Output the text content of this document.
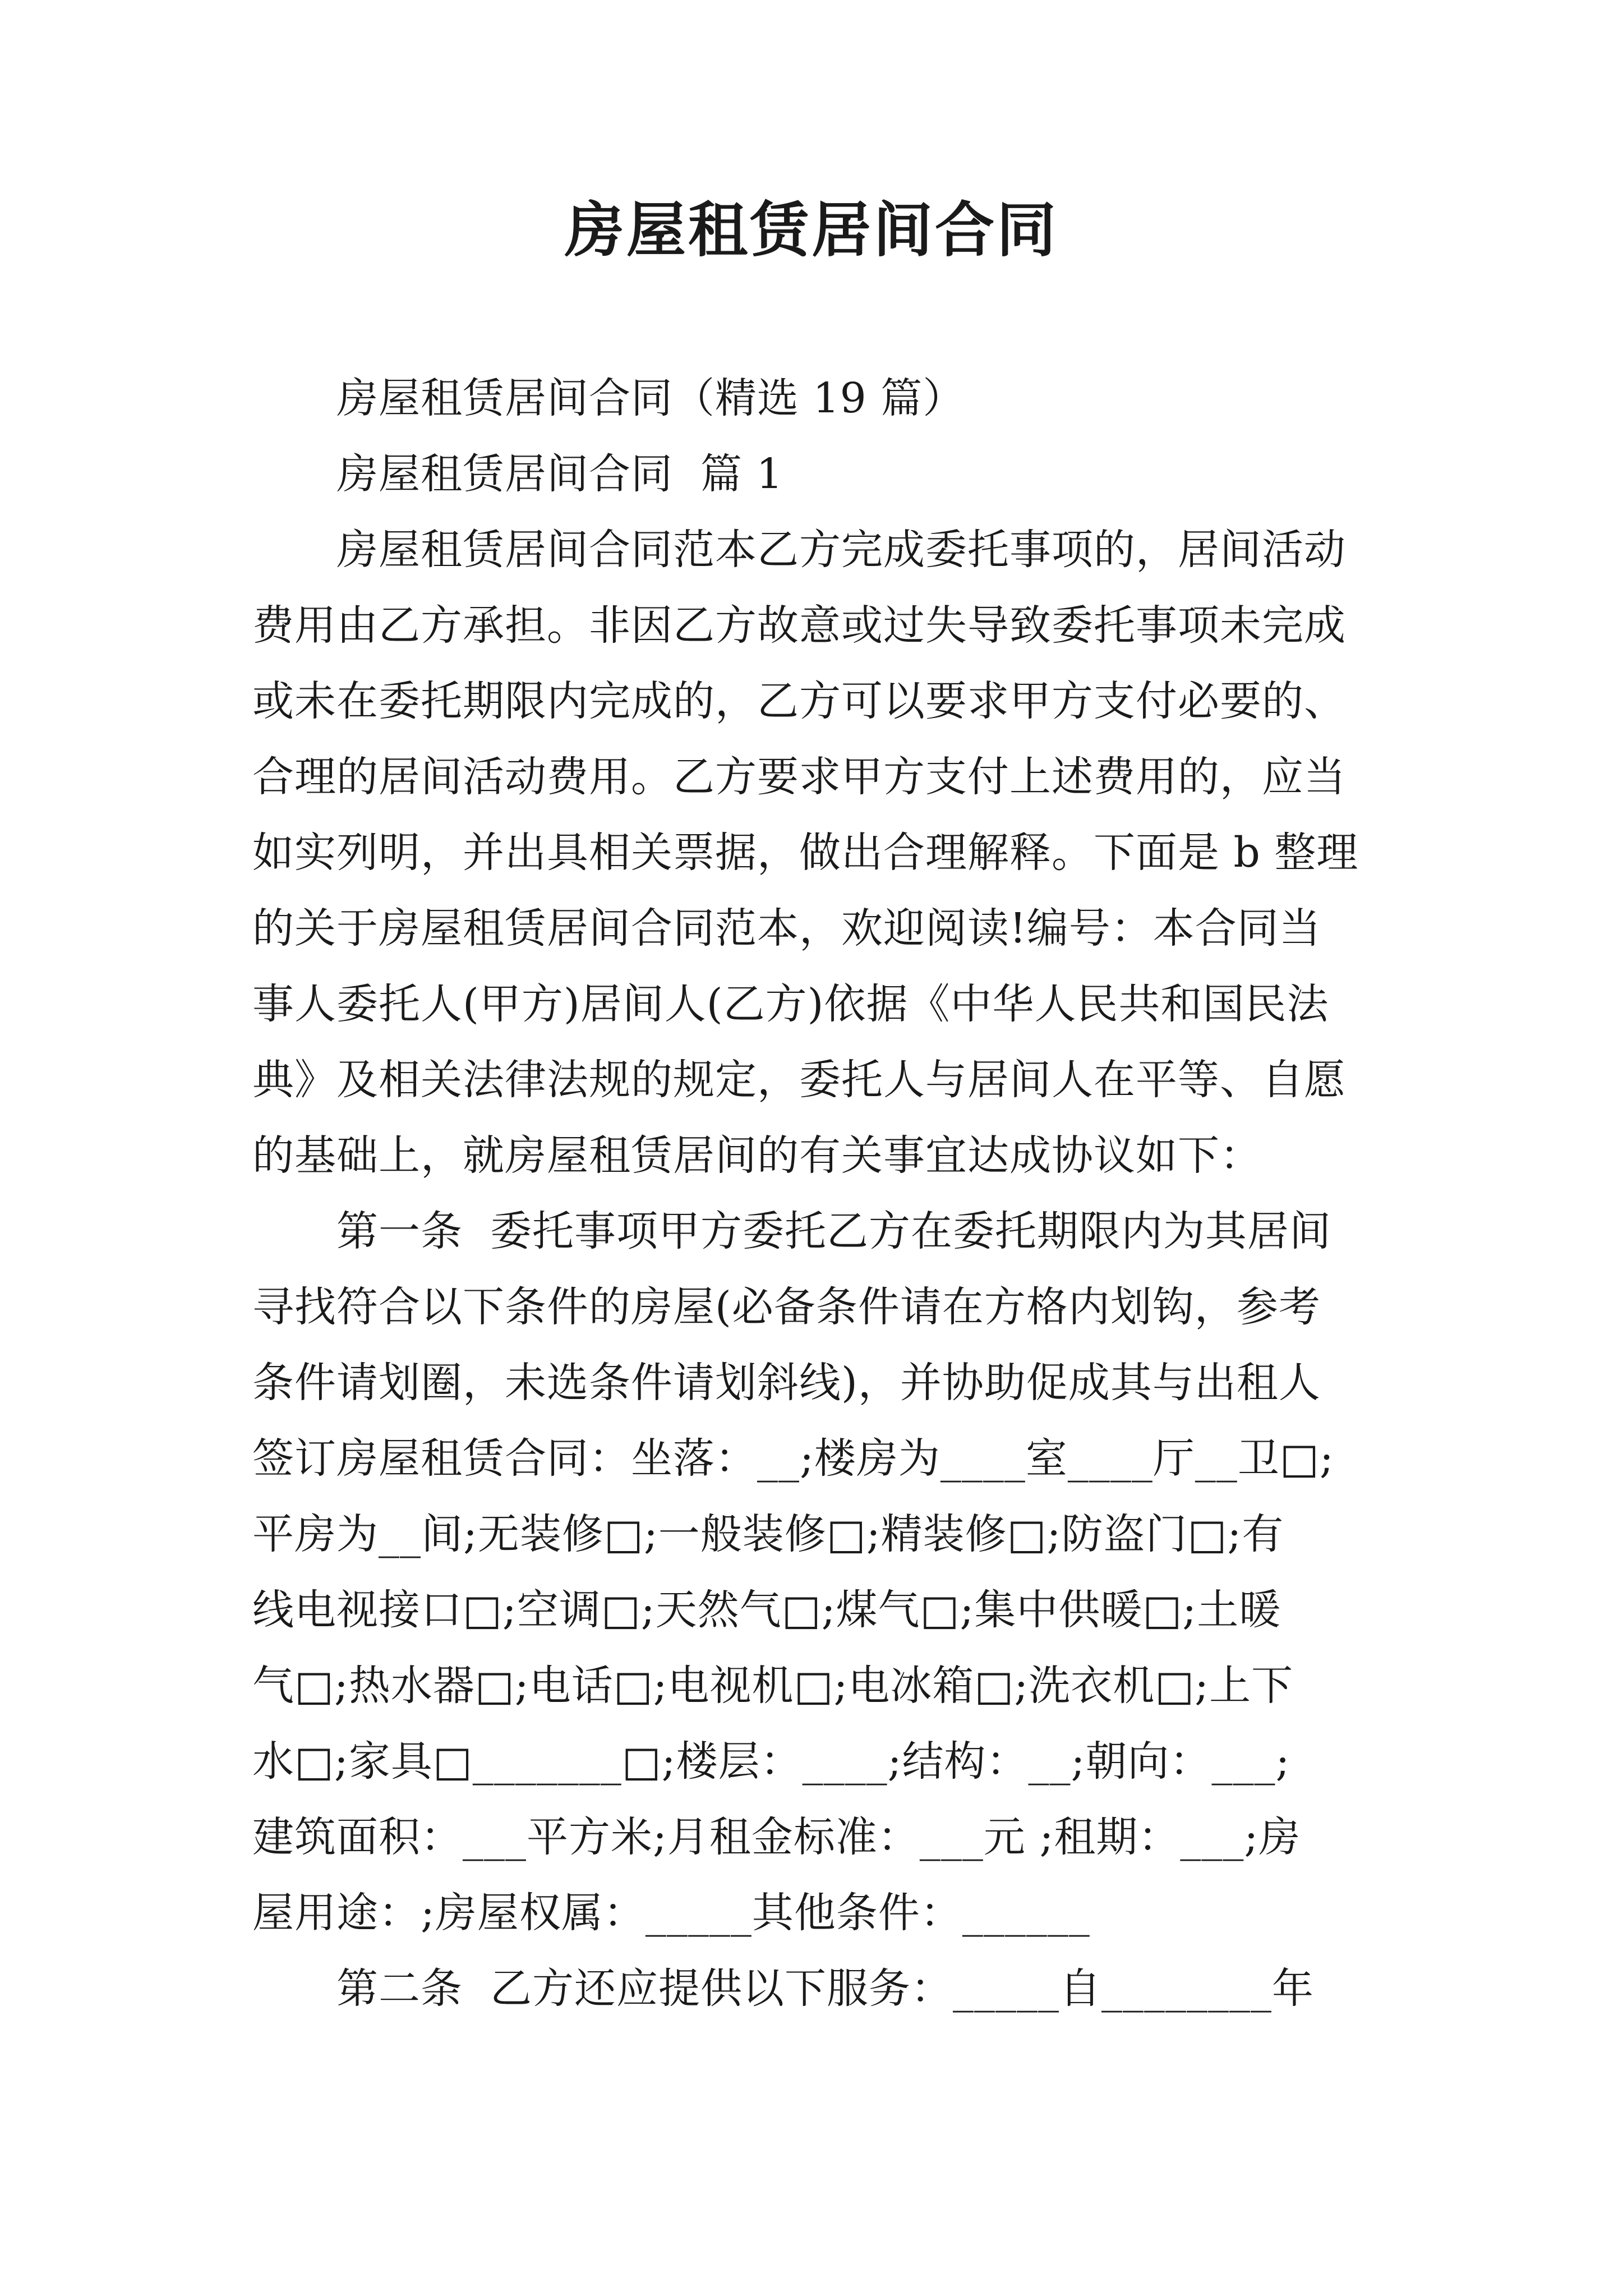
房屋租赁居间合同

房屋租赁居间合同（精选 19 篇）

房屋租赁居间合同  篇 1

房屋租赁居间合同范本乙方完成委托事项的，居间活动

费用由乙方承担。非因乙方故意或过失导致委托事项未完成

或未在委托期限内完成的，乙方可以要求甲方支付必要的、

合理的居间活动费用。乙方要求甲方支付上述费用的，应当

如实列明，并出具相关票据，做出合理解释。下面是 b 整理

的关于房屋租赁居间合同范本，欢迎阅读!编号：本合同当

事人委托人(甲方)居间人(乙方)依据《中华人民共和国民法

典》及相关法律法规的规定，委托人与居间人在平等、自愿

的基础上，就房屋租赁居间的有关事宜达成协议如下：

第一条  委托事项甲方委托乙方在委托期限内为其居间

寻找符合以下条件的房屋(必备条件请在方格内划钩，参考

条件请划圈，未选条件请划斜线)，并协助促成其与出租人

签订房屋租赁合同：坐落：__;楼房为____室____厅__卫□;

平房为__间;无装修□;一般装修□;精装修□;防盗门□;有

线电视接口□;空调□;天然气□;煤气□;集中供暖□;土暖

气□;热水器□;电话□;电视机□;电冰箱□;洗衣机□;上下

水□;家具□_______□;楼层：____;结构：__;朝向：___;

建筑面积：___平方米;月租金标准：___元 ;租期：___;房

屋用途：;房屋权属：_____其他条件：______

第二条  乙方还应提供以下服务：_____自________年
